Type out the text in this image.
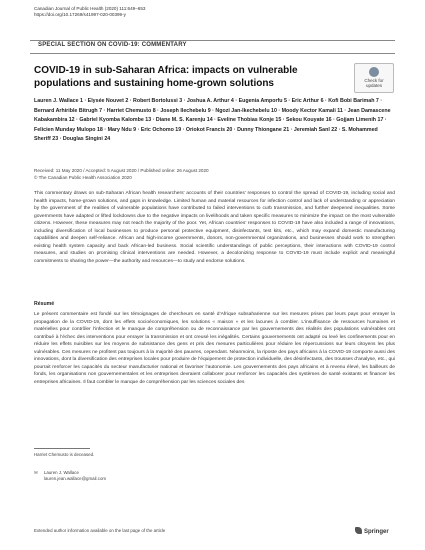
Canadian Journal of Public Health (2020) 111:649–653
https://doi.org/10.17269/s41997-020-00399-y
SPECIAL SECTION ON COVID-19: COMMENTARY
COVID-19 in sub-Saharan Africa: impacts on vulnerable populations and sustaining home-grown solutions	Check for
updates
Lauren J. Wallace 1 · Elysée Nouvet 2 · Robert Bortolussi 3 · Joshua A. Arthur 4 · Eugenia Amporfu 5 · Eric Arthur 6 · Kofi Bobi Barimah 7 · Bernard Arhirible Bitrugh 7 · Harriet Chemusto 8 · Joseph Ilechebelu 9 · Ngozi Jan-Ikechebelu 10 · Moody Kector Kamali 11 · Jean Damascene Kabakambira 12 · Gabriel Kyomba Kalombe 13 · Diane M. S. Karenju 14 · Eveline Thobias Konje 15 · Sekou Kouyate 16 · Gojjam Limenih 17 · Felicien Munday Mulopo 18 · Mary Ndu 9 · Eric Ochomo 19 · Oriokot Francis 20 · Dunny Thiongane 21 · Jeremiah Sanl 22 · S. Mohammed Sheriff 23 · Douglas Singini 24
Received: 11 May 2020 / Accepted: 5 August 2020 / Published online: 26 August 2020
© The Canadian Public Health Association 2020
This commentary draws on sub-Saharan African health researchers’ accounts of their countries’ responses to control the spread of COVID-19, including social and health impacts, home-grown solutions, and gaps in knowledge. Limited human and material resources for infection control and lack of understanding or appreciation by the government of the realities of vulnerable populations have contributed to failed interventions to curb transmission, and further deepened inequalities. Some governments have adapted or lifted lockdowns due to the negative impacts on livelihoods and taken specific measures to minimize the impact on the most vulnerable citizens. However, these measures may not reach the majority of the poor. Yet, African countries’ responses to COVID-19 have also included a range of innovations, including diversification of local businesses to produce personal protective equipment, disinfectants, test kits, etc., which may expand domestic manufacturing capabilities and deepen self-reliance. African and high-income governments, donors, non-governmental organizations, and businesses should work to strengthen existing health system capacity and back African-led business. Social scientific understandings of public perceptions, their interactions with COVID-19 control measures, and studies on promising clinical interventions are needed. However, a decolonizing response to COVID-19 must include explicit and meaningful commitments to sharing the power—the authority and resources—to study and endorse solutions.
Résumé
Le présent commentaire est fondé sur les témoignages de chercheurs en santé d’Afrique subsaharienne sur les mesures prises par leurs pays pour enrayer la propagation de la COVID-19, dont les effets socioéconomiques, les solutions « maison » et les lacunes à combler. L’insuffisance de ressources humaines et matérielles pour contrôler l’infection et le manque de compréhension ou de reconnaissance par les gouvernements des réalités des populations vulnérables ont contribué à l’échec des interventions pour enrayer la transmission et ont creusé les inégalités. Certains gouvernements ont adapté ou levé les confinements pour en réduire les effets nuisibles sur les moyens de subsistance des gens et pris des mesures particulières pour réduire les répercussions sur leurs citoyens les plus vulnérables. Ces mesures ne profitent pas toujours à la majorité des pauvres, cependant. Néanmoins, la riposte des pays africains à la COVID-19 comporte aussi des innovations, dont la diversification des entreprises locales pour produire de l’équipement de protection individuelle, des désinfectants, des trousses d’analyse, etc., qui pourrait renforcer les capacités du secteur manufacturier national et favoriser l’autonomie. Les gouvernements des pays africains et à revenu élevé, les bailleurs de fonds, les organisations non gouvernementales et les entreprises devraient collaborer pour renforcer les capacités des systèmes de santé existants et financer les entreprises africaines. Il faut combler le manque de compréhension par les sciences sociales des
Harriet Chemusto is deceased.
✉ Lauren J. Wallace
lauren.jean.wallace@gmail.com
Extended author information available on the last page of the article	Springer
